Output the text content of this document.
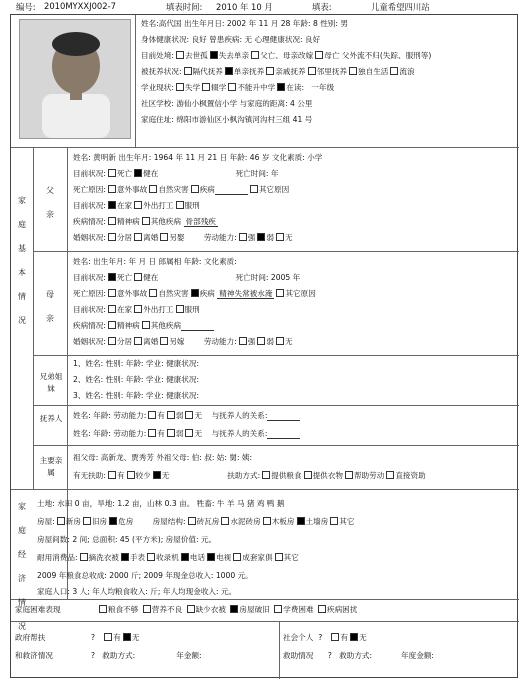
编号: 2010MYXXJ002-7	填表时间: 2010 年 10 月	填表:	儿童希望四川站
姓名:高代国 出生年月日: 2002 年 11 月 28 年龄: 8 性别: 男
身体健康状况: 良好 曾患疾病: 无 心理健康状况: 良好
目前处境: 去世孤 失去单亲 父亡、母亲改嫁 母亡 父外流不归(失踪、服刑等)
被抚养状况: 隔代抚养 单亲抚养 亲戚抚养 邻里抚养 独自生活 流浪
学业现状: 失学 辍学 不能升中学 在读: 一年级
社区学校: 游仙小枫置信小学 与家庭的距离: 4 公里
家庭住址: 绵阳市游仙区小枫沟镇河沟村三组 41 号
家

庭

基

本

情

况
父

亲
姓名: 黄明新 出生年月: 1964 年 11 月 21 日 年龄: 46 岁 文化素质: 小学
目前状况: 死亡 健在	死亡时间: 年
死亡原因: 意外事故 自然灾害 疾病	其它原因
目前状况: 在家 外出打工 服刑
疾病情况: 精神病 其他疾病 骨部残疾
婚姻状况: 分居 离婚 另娶	劳动能力: 强 弱 无
母

亲
姓名: 出生年月: 年 月 日 郎属相 年龄: 文化素质:
目前状况: 死亡 健在	死亡时间: 2005 年
死亡原因: 意外事故 自然灾害 疾病 精神失常被水淹 其它原因
目前状况: 在家 外出打工 服刑
疾病情况: 精神病 其他疾病
婚姻状况: 分居 离婚 另嫁	劳动能力: 强 弱 无
兄弟姐妹
1、姓名: 性别: 年龄: 学业: 健康状况:
2、姓名: 性别: 年龄: 学业: 健康状况:
3、姓名: 性别: 年龄: 学业: 健康状况:
抚养人	姓名: 年龄: 劳动能力: 有 弱 无 与抚养人的关系:
姓名: 年龄: 劳动能力: 有 弱 无 与抚养人的关系:
主要亲属
祖父母: 高新龙、贾秀芳 外祖父母: 伯: 叔: 姑: 舅: 姨:
有无扶助: 有 较少 无	扶助方式: 提供粮食 提供衣物 帮助劳动 直接资助
家

庭

经

济

情

况
土地: 水田 0 亩，旱地: 1.2 亩，山林 0.3 亩。 牲畜: 牛 羊 马 猪 鸡 鸭 鹅
房屋: 新房 旧房 危房	房屋结构: 砖瓦房 水泥砖房 木板房 土墙房 其它
房屋间数: 2 间; 总面积: 45 (平方米); 房屋价值: 元。
耐用消费品: 摘洗衣被 手表 收录机 电话 电视 成套家俱 其它
2009 年粮食总收成: 2000 斤; 2009 年现金总收入: 1000 元。
家庭人口: 3 人; 年人均粮食收入: 斤; 年人均现金收入: 元。
家庭困难表现	粮食不够 营养不良 缺少衣被 房屋破旧 学费困难 疾病困扰
政府帮扶
和救济情况
? 有 无
? 救助方式:	年金额:
社会个人 ? 有 无
救助情况 ? 救助方式:	年度金额:
